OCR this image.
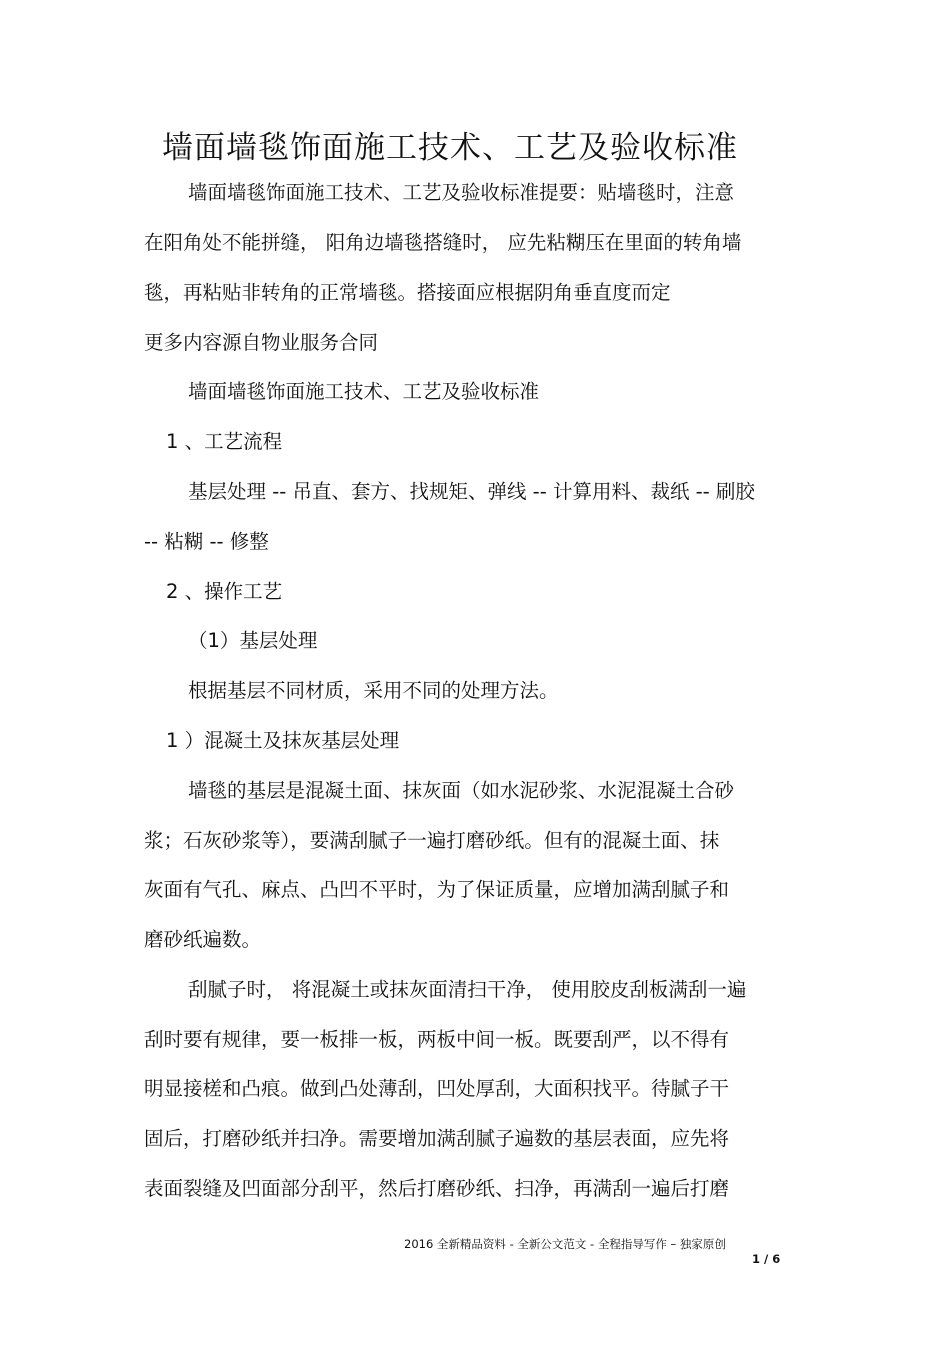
墙面墙毯饰面施工技术、工艺及验收标准
墙面墙毯饰面施工技术、工艺及验收标准提要：贴墙毯时，注意
在阳角处不能拼缝， 阳角边墙毯搭缝时， 应先粘糊压在里面的转角墙
毯，再粘贴非转角的正常墙毯。搭接面应根据阴角垂直度而定
更多内容源自物业服务合同
墙面墙毯饰面施工技术、工艺及验收标准
1 、工艺流程
基层处理 -- 吊直、套方、找规矩、弹线 -- 计算用料、裁纸 -- 刷胶
-- 粘糊 -- 修整
2 、操作工艺
（1）基层处理
根据基层不同材质，采用不同的处理方法。
1 ）混凝土及抹灰基层处理
墙毯的基层是混凝土面、抹灰面（如水泥砂浆、水泥混凝土合砂
浆；石灰砂浆等），要满刮腻子一遍打磨砂纸。但有的混凝土面、抹
灰面有气孔、麻点、凸凹不平时，为了保证质量，应增加满刮腻子和
磨砂纸遍数。
刮腻子时， 将混凝土或抹灰面清扫干净， 使用胶皮刮板满刮一遍
刮时要有规律，要一板排一板，两板中间一板。既要刮严，以不得有
明显接槎和凸痕。做到凸处薄刮，凹处厚刮，大面积找平。待腻子干
固后，打磨砂纸并扫净。需要增加满刮腻子遍数的基层表面，应先将
表面裂缝及凹面部分刮平，然后打磨砂纸、扫净，再满刮一遍后打磨
2016 全新精品资料 - 全新公文范文 - 全程指导写作 – 独家原创
1 / 6
